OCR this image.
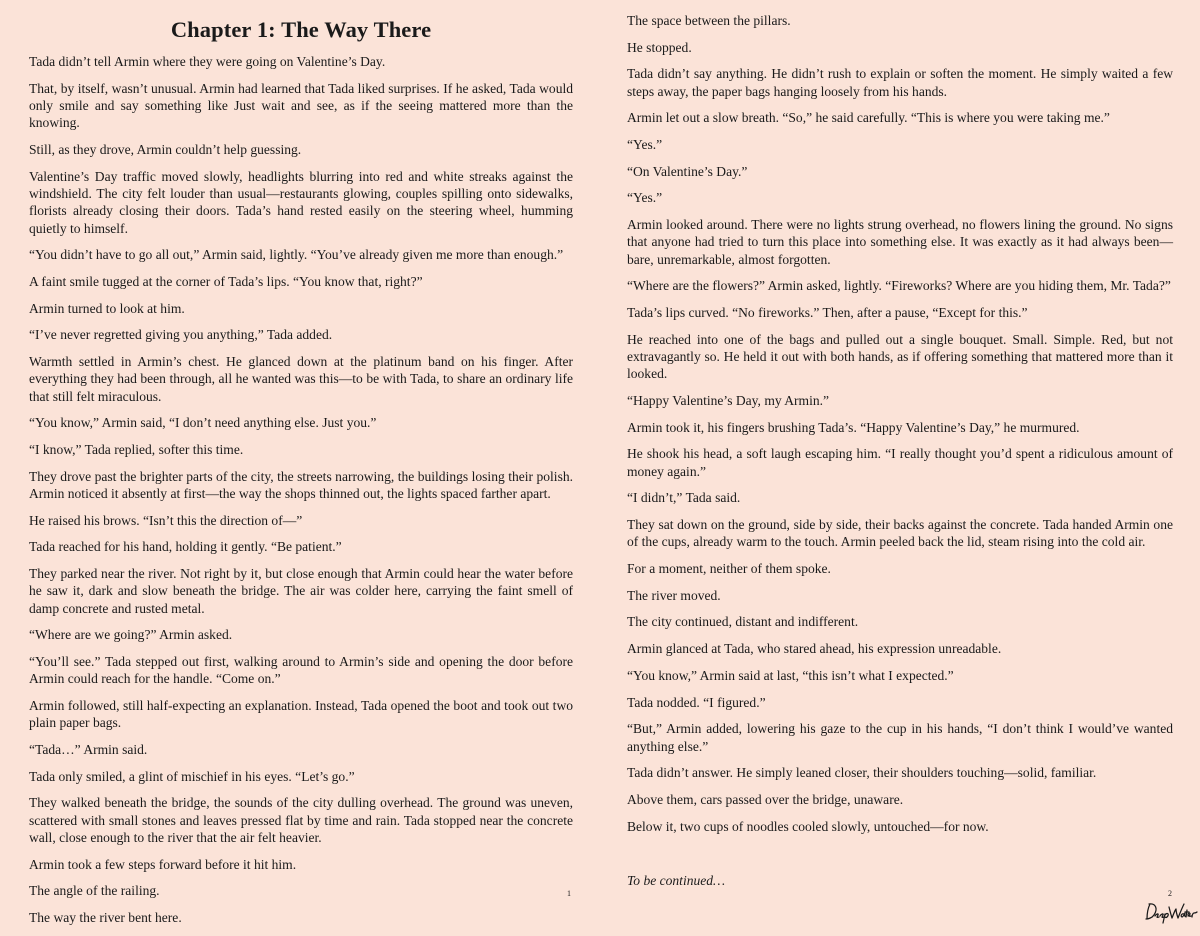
Chapter 1: The Way There

Tada didn’t tell Armin where they were going on Valentine’s Day.

That, by itself, wasn’t unusual. Armin had learned that Tada liked surprises. If he asked, Tada would only smile and say something like Just wait and see, as if the seeing mattered more than the knowing.

Still, as they drove, Armin couldn’t help guessing.

Valentine’s Day traffic moved slowly, headlights blurring into red and white streaks against the windshield. The city felt louder than usual—restaurants glowing, couples spilling onto sidewalks, florists already closing their doors. Tada’s hand rested easily on the steering wheel, humming quietly to himself.

“You didn’t have to go all out,” Armin said, lightly. “You’ve already given me more than enough.”

A faint smile tugged at the corner of Tada’s lips. “You know that, right?”

Armin turned to look at him.

“I’ve never regretted giving you anything,” Tada added.

Warmth settled in Armin’s chest. He glanced down at the platinum band on his finger. After everything they had been through, all he wanted was this—to be with Tada, to share an ordinary life that still felt miraculous.

“You know,” Armin said, “I don’t need anything else. Just you.”

“I know,” Tada replied, softer this time.

They drove past the brighter parts of the city, the streets narrowing, the buildings losing their polish. Armin noticed it absently at first—the way the shops thinned out, the lights spaced farther apart.

He raised his brows. “Isn’t this the direction of—”

Tada reached for his hand, holding it gently. “Be patient.”

They parked near the river. Not right by it, but close enough that Armin could hear the water before he saw it, dark and slow beneath the bridge. The air was colder here, carrying the faint smell of damp concrete and rusted metal.

“Where are we going?” Armin asked.

“You’ll see.” Tada stepped out first, walking around to Armin’s side and opening the door before Armin could reach for the handle. “Come on.”

Armin followed, still half-expecting an explanation. Instead, Tada opened the boot and took out two plain paper bags.

“Tada…” Armin said.

Tada only smiled, a glint of mischief in his eyes. “Let’s go.”

They walked beneath the bridge, the sounds of the city dulling overhead. The ground was uneven, scattered with small stones and leaves pressed flat by time and rain. Tada stopped near the concrete wall, close enough to the river that the air felt heavier.

Armin took a few steps forward before it hit him.

The angle of the railing.

The way the river bent here.

1

The space between the pillars.

He stopped.

Tada didn’t say anything. He didn’t rush to explain or soften the moment. He simply waited a few steps away, the paper bags hanging loosely from his hands.

Armin let out a slow breath. “So,” he said carefully. “This is where you were taking me.”

“Yes.”

“On Valentine’s Day.”

“Yes.”

Armin looked around. There were no lights strung overhead, no flowers lining the ground. No signs that anyone had tried to turn this place into something else. It was exactly as it had always been—bare, unremarkable, almost forgotten.

“Where are the flowers?” Armin asked, lightly. “Fireworks? Where are you hiding them, Mr. Tada?”

Tada’s lips curved. “No fireworks.” Then, after a pause, “Except for this.”

He reached into one of the bags and pulled out a single bouquet. Small. Simple. Red, but not extravagantly so. He held it out with both hands, as if offering something that mattered more than it looked.

“Happy Valentine’s Day, my Armin.”

Armin took it, his fingers brushing Tada’s. “Happy Valentine’s Day,” he murmured.

He shook his head, a soft laugh escaping him. “I really thought you’d spent a ridiculous amount of money again.”

“I didn’t,” Tada said.

They sat down on the ground, side by side, their backs against the concrete. Tada handed Armin one of the cups, already warm to the touch. Armin peeled back the lid, steam rising into the cold air.

For a moment, neither of them spoke.

The river moved.

The city continued, distant and indifferent.

Armin glanced at Tada, who stared ahead, his expression unreadable.

“You know,” Armin said at last, “this isn’t what I expected.”

Tada nodded. “I figured.”

“But,” Armin added, lowering his gaze to the cup in his hands, “I don’t think I would’ve wanted anything else.”

Tada didn’t answer. He simply leaned closer, their shoulders touching—solid, familiar.

Above them, cars passed over the bridge, unaware.

Below it, two cups of noodles cooled slowly, untouched—for now.

To be continued…

2
